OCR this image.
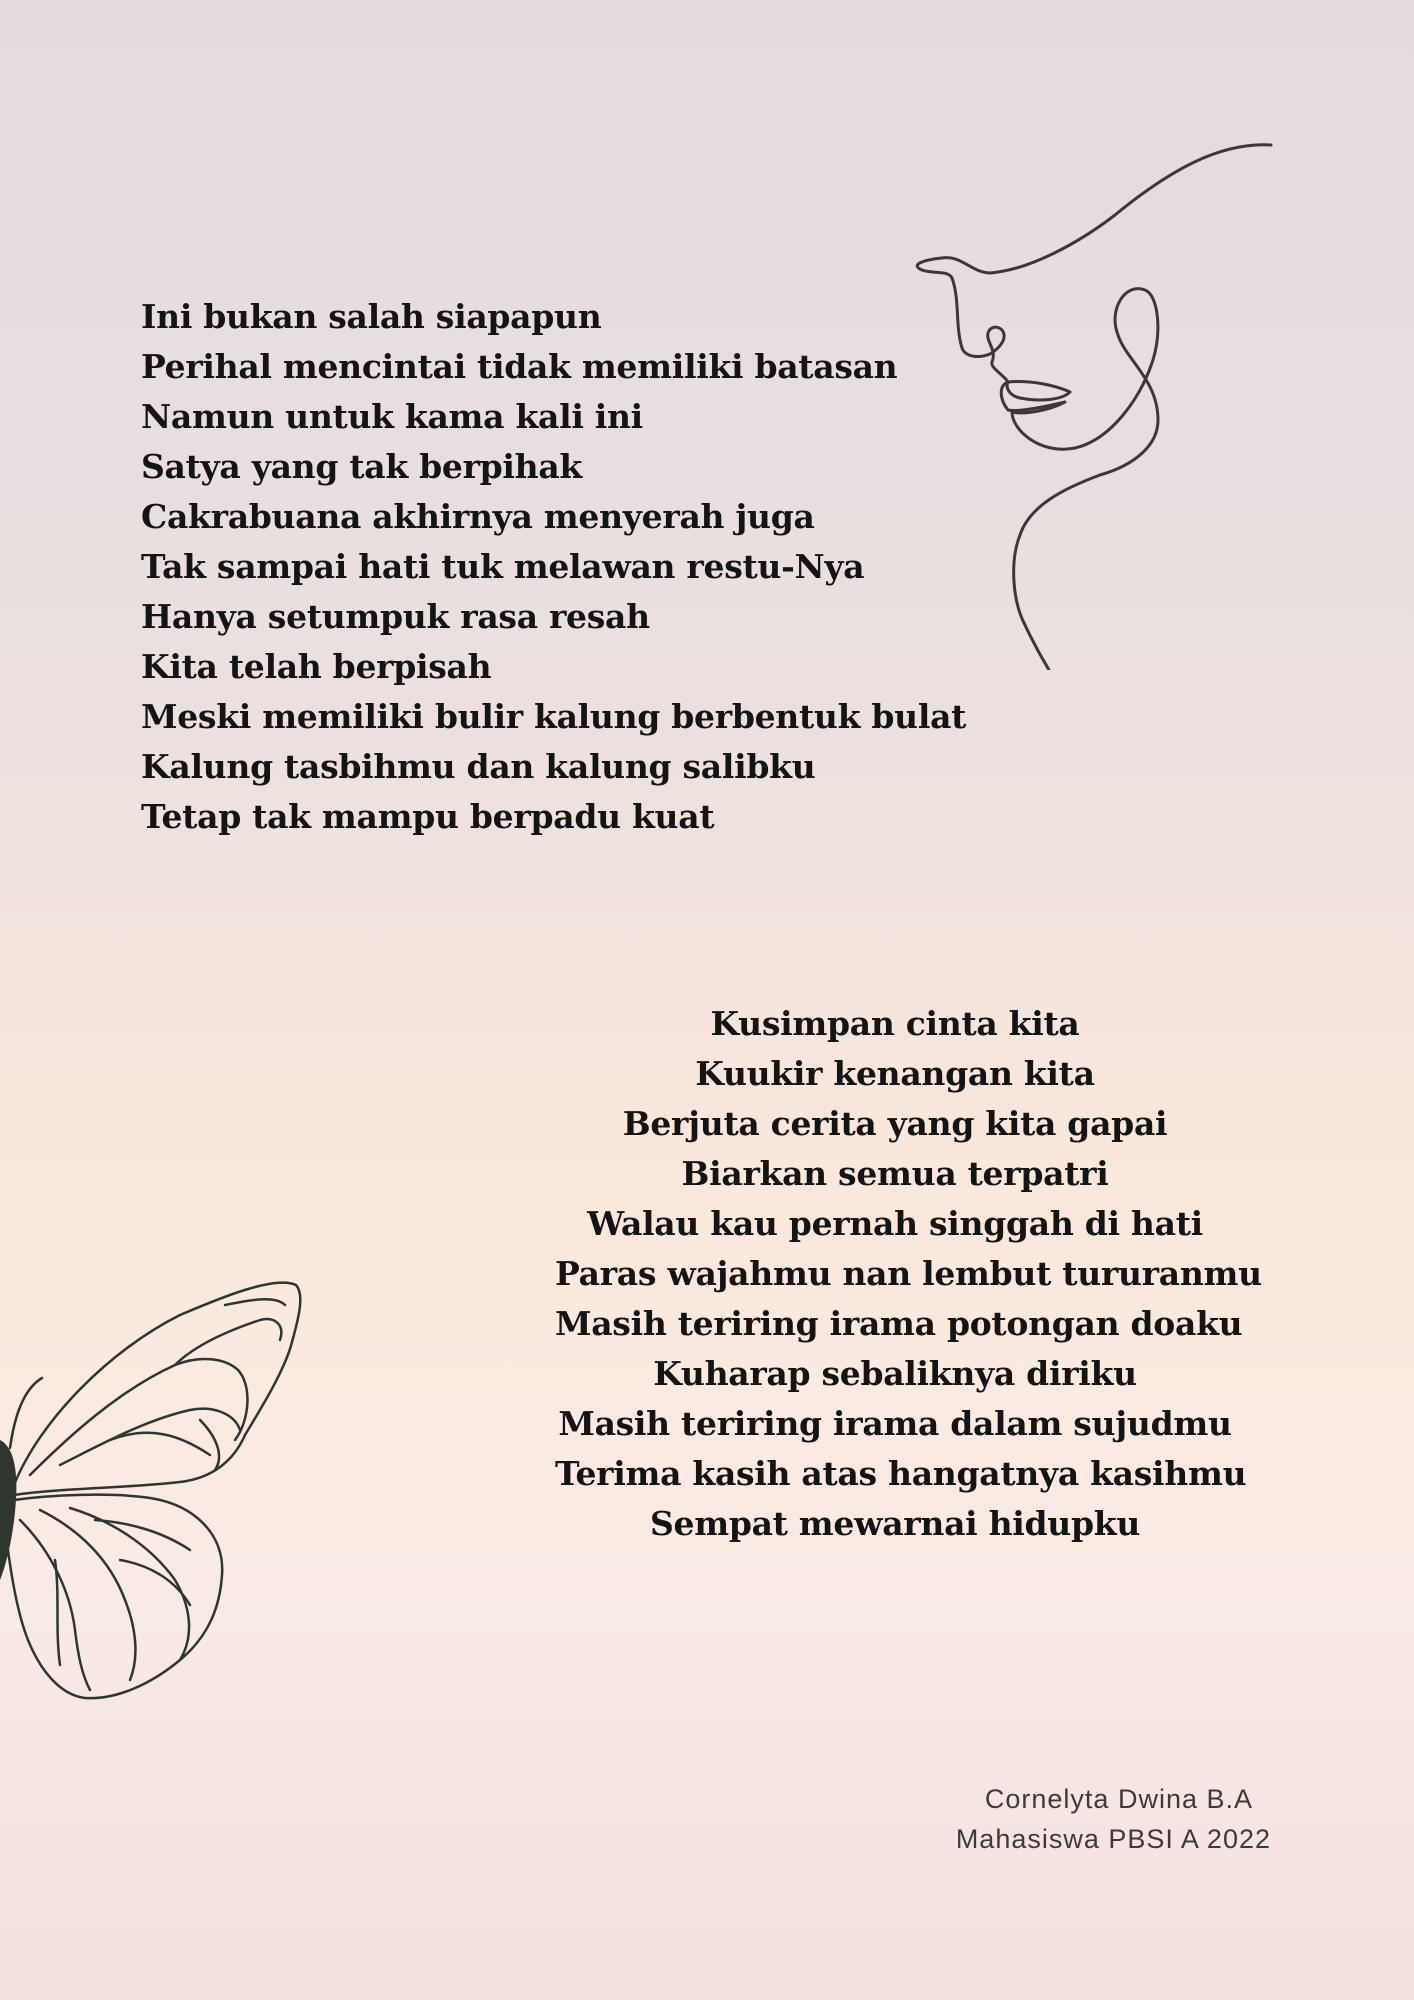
Ini bukan salah siapapun
Perihal mencintai tidak memiliki batasan
Namun untuk kama kali ini
Satya yang tak berpihak
Cakrabuana akhirnya menyerah juga
Tak sampai hati tuk melawan restu-Nya
Hanya setumpuk rasa resah
Kita telah berpisah
Meski memiliki bulir kalung berbentuk bulat
Kalung tasbihmu dan kalung salibku
Tetap tak mampu berpadu kuat
Kusimpan cinta kita
Kuukir kenangan kita
Berjuta cerita yang kita gapai
Biarkan semua terpatri
Walau kau pernah singgah di hati
Paras wajahmu nan lembut tururanmu
Masih teriring irama potongan doaku
Kuharap sebaliknya diriku
Masih teriring irama dalam sujudmu
Terima kasih atas hangatnya kasihmu
Sempat mewarnai hidupku
Cornelyta Dwina B.A
Mahasiswa PBSI A 2022
